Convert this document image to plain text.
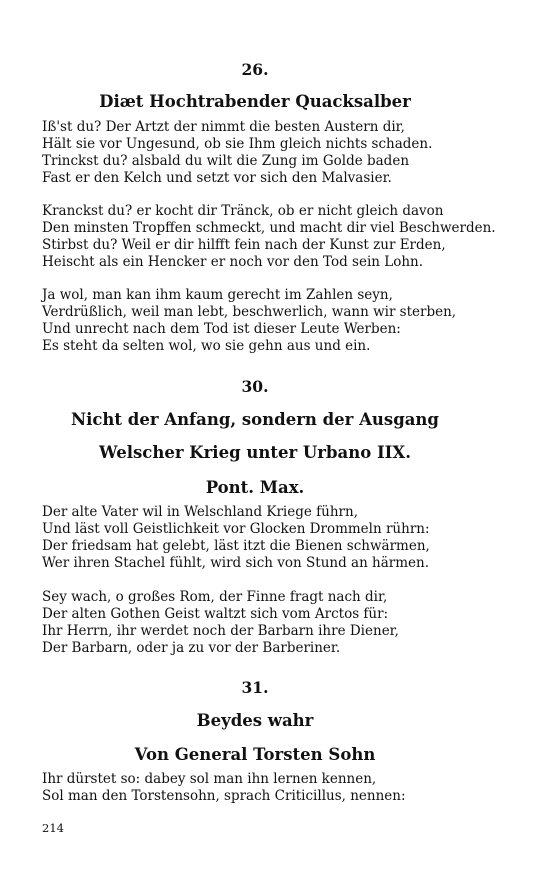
26.
Diæt Hochtrabender Quacksalber
Iß'st du? Der Artzt der nimmt die besten Austern dir,
Hält sie vor Ungesund, ob sie Ihm gleich nichts schaden.
Trinckst du? alsbald du wilt die Zung im Golde baden
Fast er den Kelch und setzt vor sich den Malvasier.
Kranckst du? er kocht dir Tränck, ob er nicht gleich davon
Den minsten Tropffen schmeckt, und macht dir viel Beschwerden.
Stirbst du? Weil er dir hilfft fein nach der Kunst zur Erden,
Heischt als ein Hencker er noch vor den Tod sein Lohn.
Ja wol, man kan ihm kaum gerecht im Zahlen seyn,
Verdrüßlich, weil man lebt, beschwerlich, wann wir sterben,
Und unrecht nach dem Tod ist dieser Leute Werben:
Es steht da selten wol, wo sie gehn aus und ein.
30.
Nicht der Anfang, sondern der Ausgang
Welscher Krieg unter Urbano IIX.
Pont. Max.
Der alte Vater wil in Welschland Kriege führn,
Und läst voll Geistlichkeit vor Glocken Drommeln rührn:
Der friedsam hat gelebt, läst itzt die Bienen schwärmen,
Wer ihren Stachel fühlt, wird sich von Stund an härmen.
Sey wach, o großes Rom, der Finne fragt nach dir,
Der alten Gothen Geist waltzt sich vom Arctos für:
Ihr Herrn, ihr werdet noch der Barbarn ihre Diener,
Der Barbarn, oder ja zu vor der Barberiner.
31.
Beydes wahr
Von General Torsten Sohn
Ihr dürstet so: dabey sol man ihn lernen kennen,
Sol man den Torstensohn, sprach Criticillus, nennen:
214
